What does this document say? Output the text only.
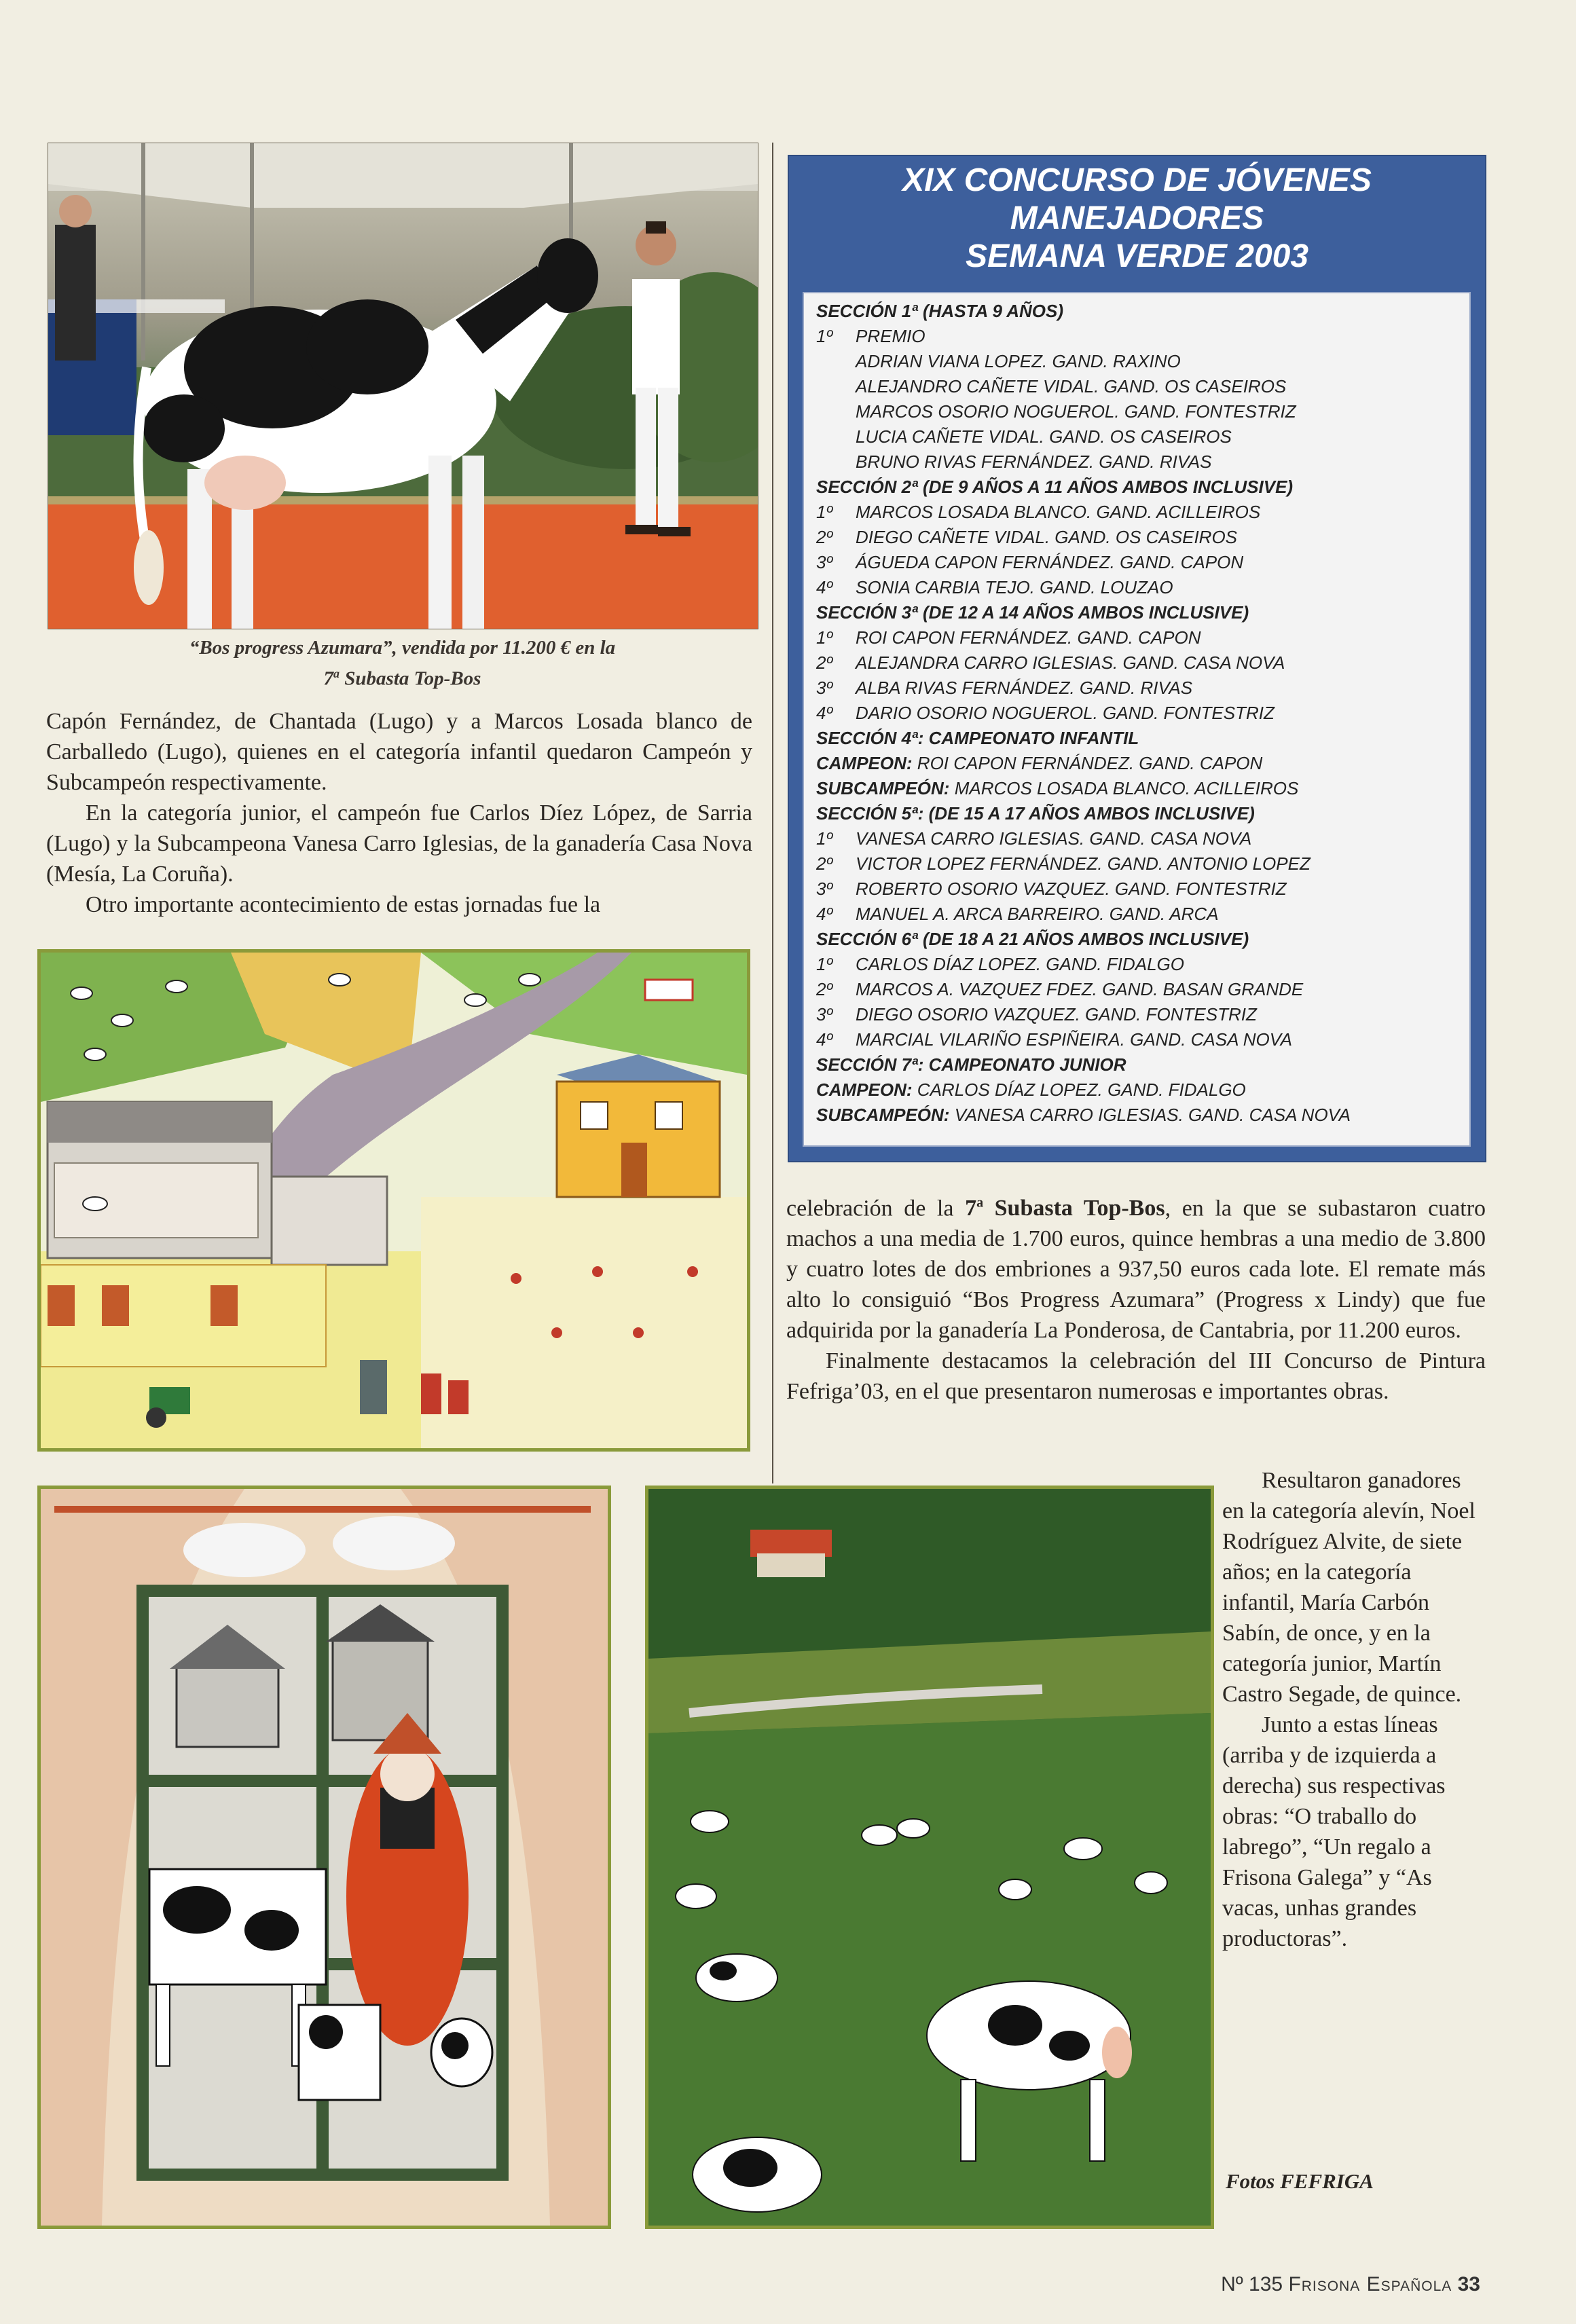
“Bos progress Azumara”, vendida por 11.200 € en la
7$^a$ Subasta Top-Bos

Capón Fernández, de Chantada (Lugo) y a Marcos Losada blanco de Carballedo (Lugo), quienes en el categoría infantil quedaron Campeón y Subcampeón respectivamente.

En la categoría junior, el campeón fue Carlos Díez López, de Sarria (Lugo) y la Subcampeona Vanesa Carro Iglesias, de la ganadería Casa Nova (Mesía, La Coruña).

Otro importante acontecimiento de estas jornadas fue la

XIX CONCURSO DE JÓVENES
MANEJADORES
SEMANA VERDE 2003
SECCIÓN 1ª (HASTA 9 AÑOS)
1º PREMIO
ADRIAN VIANA LOPEZ. GAND. RAXINO
ALEJANDRO CAÑETE VIDAL. GAND. OS CASEIROS
MARCOS OSORIO NOGUEROL. GAND. FONTESTRIZ
LUCIA CAÑETE VIDAL. GAND. OS CASEIROS
BRUNO RIVAS FERNÁNDEZ. GAND. RIVAS
SECCIÓN 2ª (DE 9 AÑOS A 11 AÑOS AMBOS INCLUSIVE)
1º MARCOS LOSADA BLANCO. GAND. ACILLEIROS
2º DIEGO CAÑETE VIDAL. GAND. OS CASEIROS
3º ÁGUEDA CAPON FERNÁNDEZ. GAND. CAPON
4º SONIA CARBIA TEJO. GAND. LOUZAO
SECCIÓN 3ª (DE 12 A 14 AÑOS AMBOS INCLUSIVE)
1º ROI CAPON FERNÁNDEZ. GAND. CAPON
2º ALEJANDRA CARRO IGLESIAS. GAND. CASA NOVA
3º ALBA RIVAS FERNÁNDEZ. GAND. RIVAS
4º DARIO OSORIO NOGUEROL. GAND. FONTESTRIZ
SECCIÓN 4ª: CAMPEONATO INFANTIL
CAMPEON: ROI CAPON FERNÁNDEZ. GAND. CAPON
SUBCAMPEÓN: MARCOS LOSADA BLANCO. ACILLEIROS
SECCIÓN 5ª: (DE 15 A 17 AÑOS AMBOS INCLUSIVE)
1º VANESA CARRO IGLESIAS. GAND. CASA NOVA
2º VICTOR LOPEZ FERNÁNDEZ. GAND. ANTONIO LOPEZ
3º ROBERTO OSORIO VAZQUEZ. GAND. FONTESTRIZ
4º MANUEL A. ARCA BARREIRO. GAND. ARCA
SECCIÓN 6ª (DE 18 A 21 AÑOS AMBOS INCLUSIVE)
1º CARLOS DÍAZ LOPEZ. GAND. FIDALGO
2º MARCOS A. VAZQUEZ FDEZ. GAND. BASAN GRANDE
3º DIEGO OSORIO VAZQUEZ. GAND. FONTESTRIZ
4º MARCIAL VILARIÑO ESPIÑEIRA. GAND. CASA NOVA
SECCIÓN 7ª: CAMPEONATO JUNIOR
CAMPEON: CARLOS DÍAZ LOPEZ. GAND. FIDALGO
SUBCAMPEÓN: VANESA CARRO IGLESIAS. GAND. CASA NOVA

celebración de la 7$^a$ Subasta Top-Bos, en la que se subastaron cuatro machos a una media de 1.700 euros, quince hembras a una medio de 3.800 y cuatro lotes de dos embriones a 937,50 euros cada lote. El remate más alto lo consiguió “Bos Progress Azumara” (Progress x Lindy) que fue adquirida por la ganadería La Ponderosa, de Cantabria, por 11.200 euros.

Finalmente destacamos la celebración del III Concurso de Pintura Fefriga’03, en el que presentaron numerosas e importantes obras.

Resultaron ganadores en la categoría alevín, Noel Rodríguez Alvite, de siete años; en la categoría infantil, María Carbón Sabín, de once, y en la categoría junior, Martín Castro Segade, de quince.

Junto a estas líneas (arriba y de izquierda a derecha) sus respectivas obras: “O traballo do labrego”, “Un regalo a Frisona Galega” y “As vacas, unhas grandes productoras”.

Fotos FEFRIGA
Nº 135 Frisona Española 33
